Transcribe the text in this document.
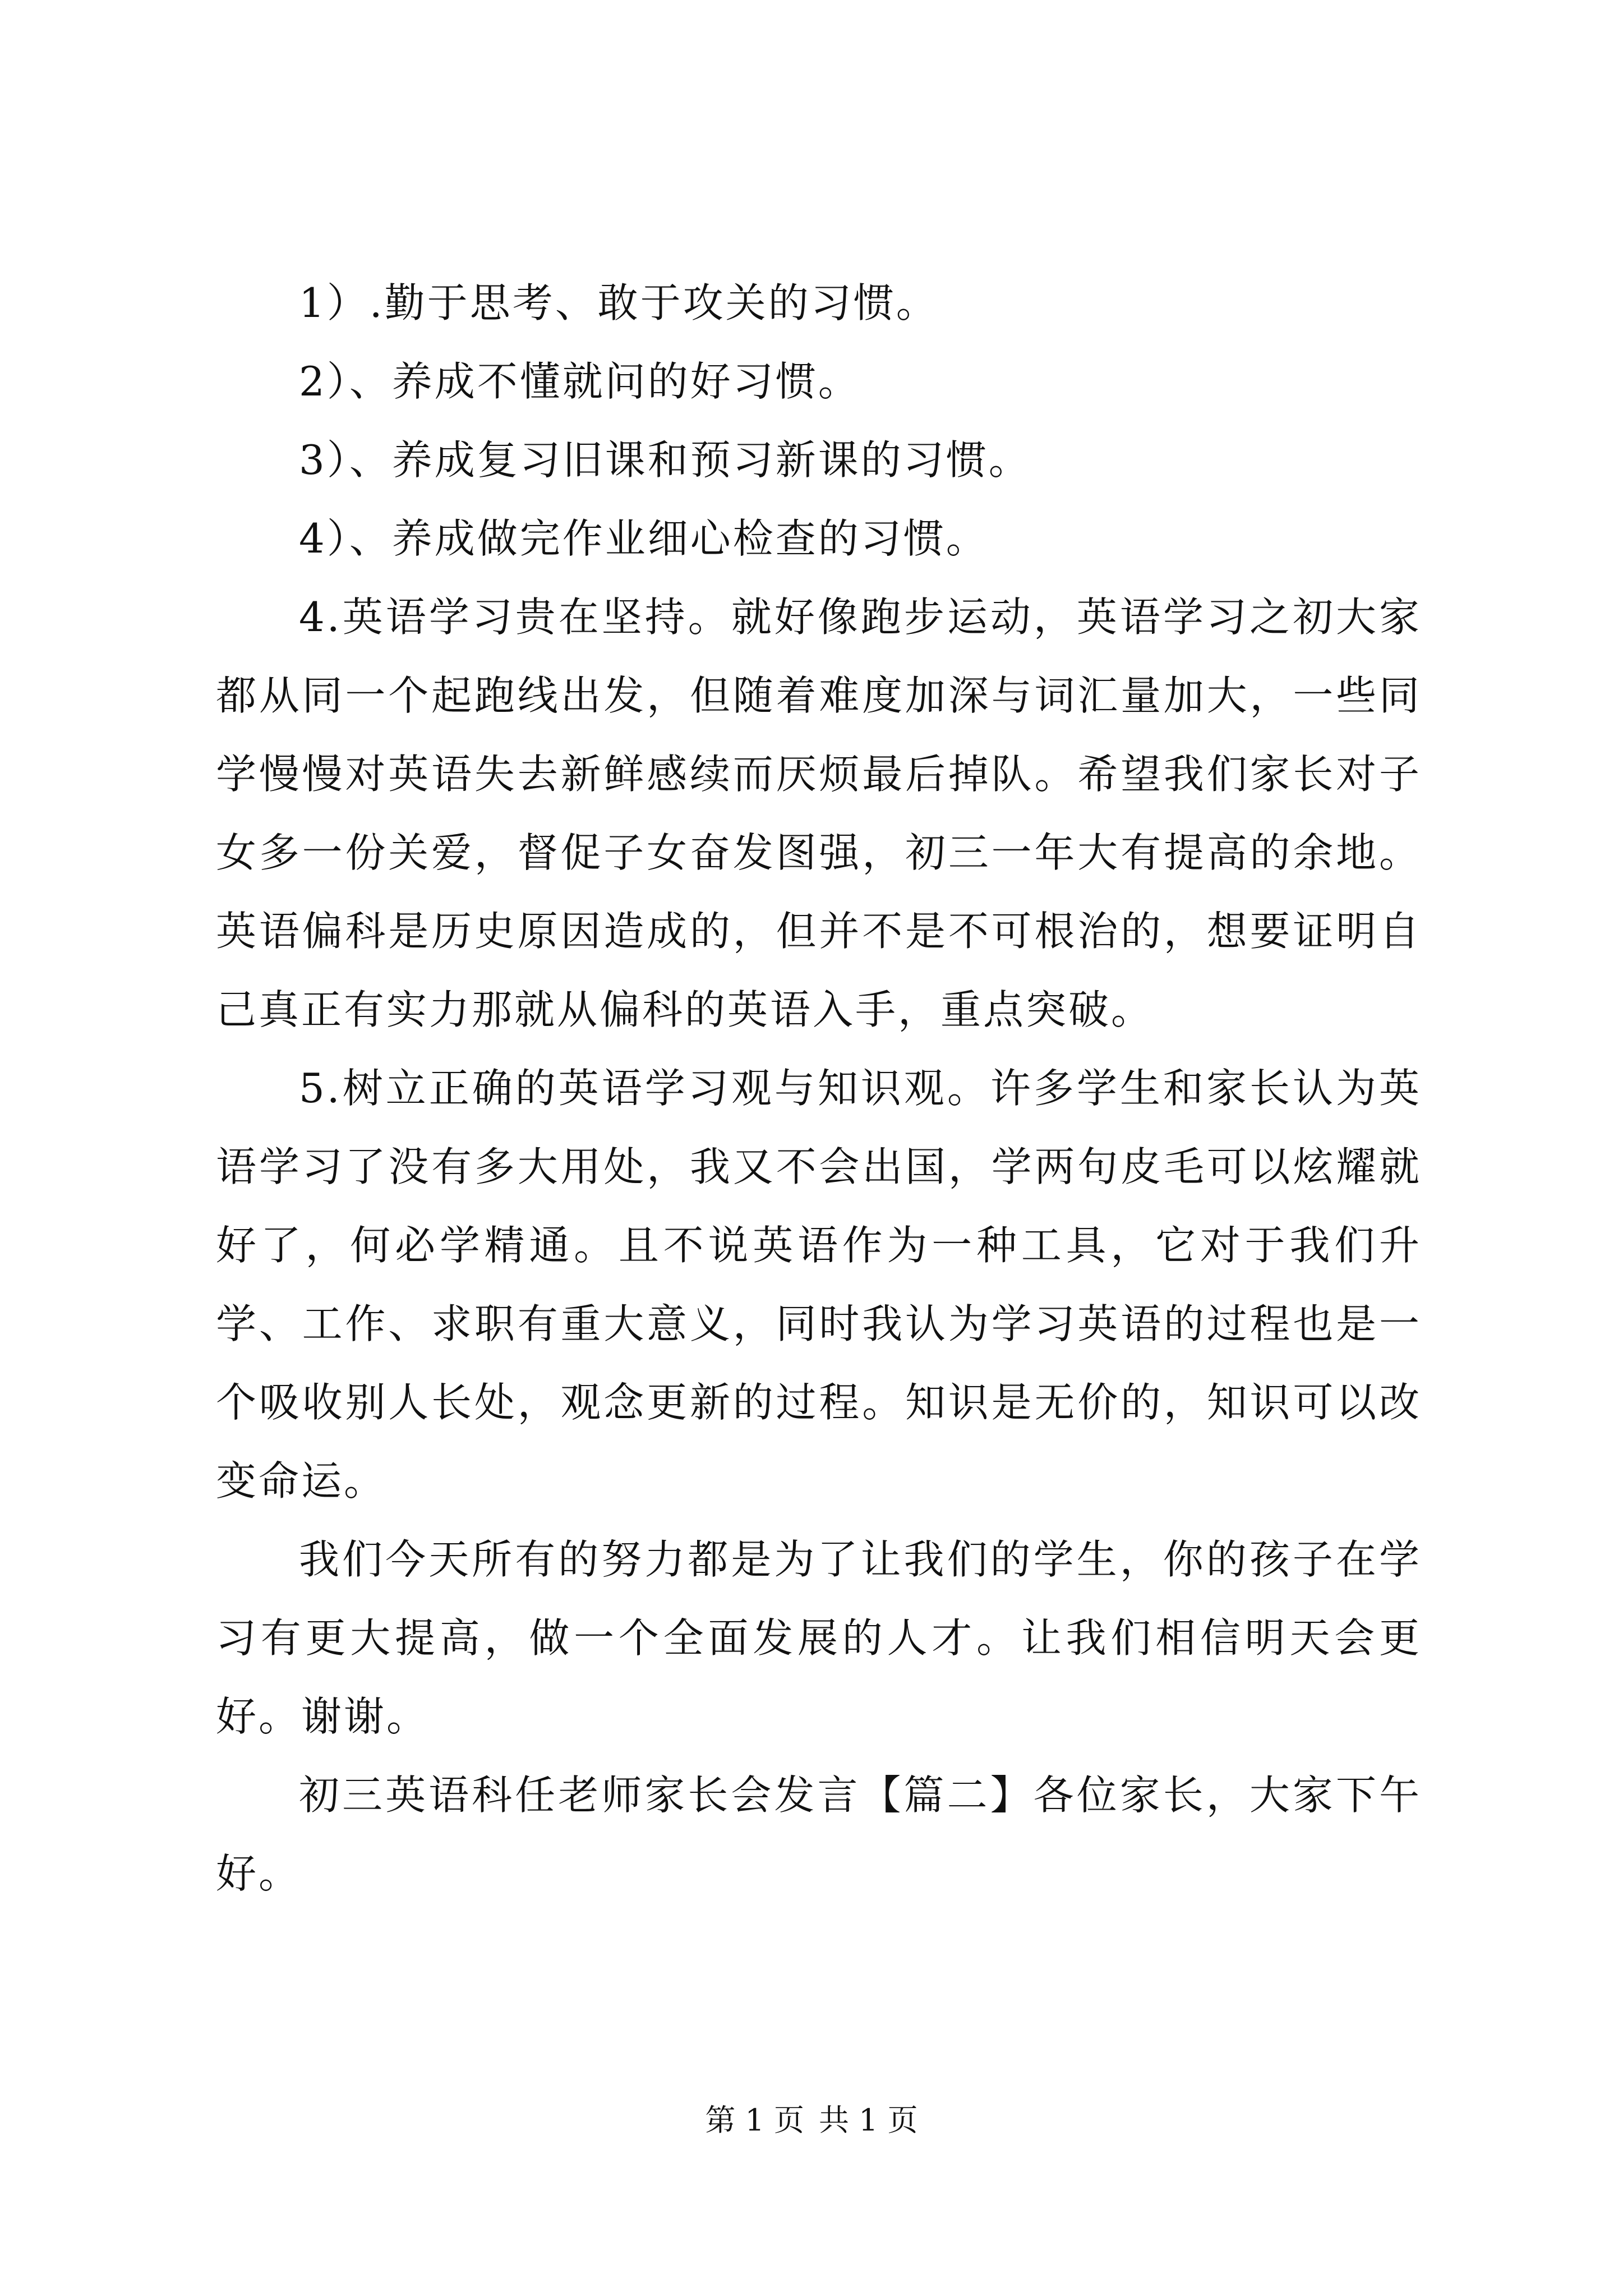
1）.勤于思考、敢于攻关的习惯。

2）、养成不懂就问的好习惯。

3）、养成复习旧课和预习新课的习惯。

4）、养成做完作业细心检查的习惯。

4.英语学习贵在坚持。就好像跑步运动，英语学习之初大家都从同一个起跑线出发，但随着难度加深与词汇量加大，一些同学慢慢对英语失去新鲜感续而厌烦最后掉队。希望我们家长对子女多一份关爱，督促子女奋发图强，初三一年大有提高的余地。英语偏科是历史原因造成的，但并不是不可根治的，想要证明自己真正有实力那就从偏科的英语入手，重点突破。

5.树立正确的英语学习观与知识观。许多学生和家长认为英语学习了没有多大用处，我又不会出国，学两句皮毛可以炫耀就好了，何必学精通。且不说英语作为一种工具，它对于我们升学、工作、求职有重大意义，同时我认为学习英语的过程也是一个吸收别人长处，观念更新的过程。知识是无价的，知识可以改变命运。

我们今天所有的努力都是为了让我们的学生，你的孩子在学习有更大提高，做一个全面发展的人才。让我们相信明天会更好。谢谢。

初三英语科任老师家长会发言【篇二】各位家长，大家下午好。

第 1 页 共 1 页
